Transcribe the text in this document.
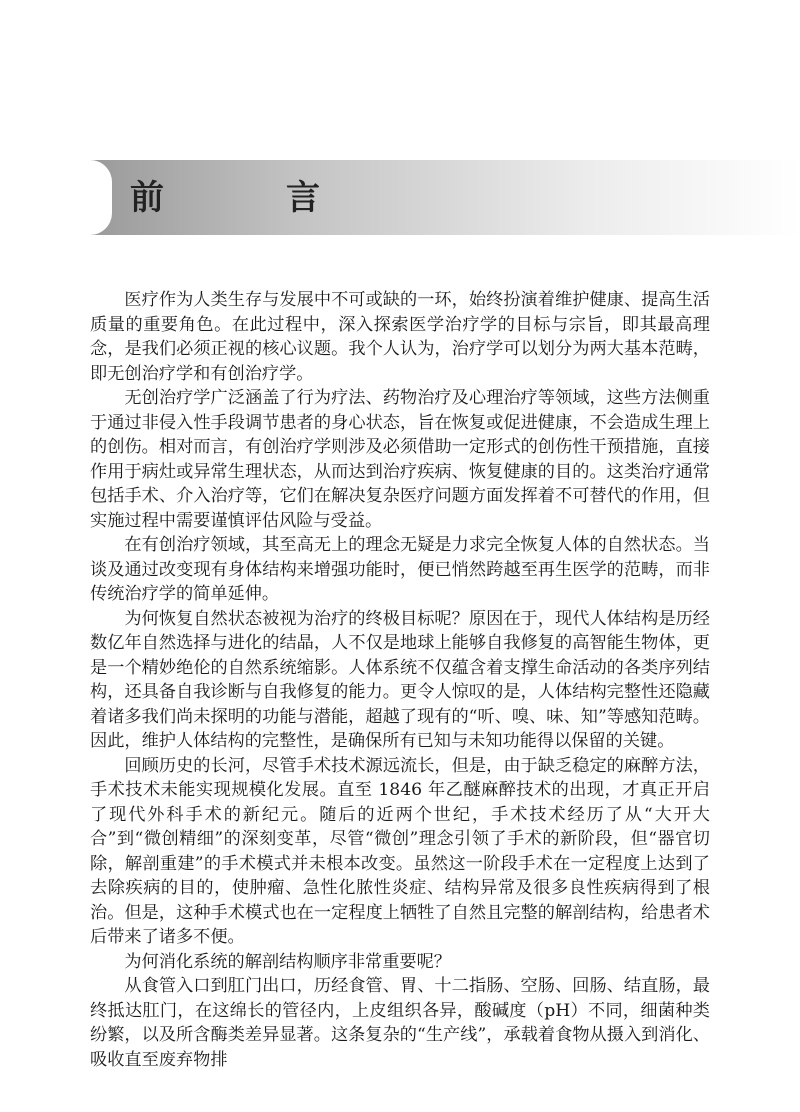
前　言

医疗作为人类生存与发展中不可或缺的一环，始终扮演着维护健康、提高生活质量的重要角色。在此过程中，深入探索医学治疗学的目标与宗旨，即其最高理念，是我们必须正视的核心议题。我个人认为，治疗学可以划分为两大基本范畴，即无创治疗学和有创治疗学。

无创治疗学广泛涵盖了行为疗法、药物治疗及心理治疗等领域，这些方法侧重于通过非侵入性手段调节患者的身心状态，旨在恢复或促进健康，不会造成生理上的创伤。相对而言，有创治疗学则涉及必须借助一定形式的创伤性干预措施，直接作用于病灶或异常生理状态，从而达到治疗疾病、恢复健康的目的。这类治疗通常包括手术、介入治疗等，它们在解决复杂医疗问题方面发挥着不可替代的作用，但实施过程中需要谨慎评估风险与受益。

在有创治疗领域，其至高无上的理念无疑是力求完全恢复人体的自然状态。当谈及通过改变现有身体结构来增强功能时，便已悄然跨越至再生医学的范畴，而非传统治疗学的简单延伸。

为何恢复自然状态被视为治疗的终极目标呢？原因在于，现代人体结构是历经数亿年自然选择与进化的结晶，人不仅是地球上能够自我修复的高智能生物体，更是一个精妙绝伦的自然系统缩影。人体系统不仅蕴含着支撑生命活动的各类序列结构，还具备自我诊断与自我修复的能力。更令人惊叹的是，人体结构完整性还隐藏着诸多我们尚未探明的功能与潜能，超越了现有的“听、嗅、味、知”等感知范畴。因此，维护人体结构的完整性，是确保所有已知与未知功能得以保留的关键。

回顾历史的长河，尽管手术技术源远流长，但是，由于缺乏稳定的麻醉方法，手术技术未能实现规模化发展。直至 1846 年乙醚麻醉技术的出现，才真正开启了现代外科手术的新纪元。随后的近两个世纪，手术技术经历了从“大开大合”到“微创精细”的深刻变革，尽管“微创”理念引领了手术的新阶段，但“器官切除，解剖重建”的手术模式并未根本改变。虽然这一阶段手术在一定程度上达到了去除疾病的目的，使肿瘤、急性化脓性炎症、结构异常及很多良性疾病得到了根治。但是，这种手术模式也在一定程度上牺牲了自然且完整的解剖结构，给患者术后带来了诸多不便。

为何消化系统的解剖结构顺序非常重要呢？

从食管入口到肛门出口，历经食管、胃、十二指肠、空肠、回肠、结直肠，最终抵达肛门，在这绵长的管径内，上皮组织各异，酸碱度（pH）不同，细菌种类纷繁，以及所含酶类差异显著。这条复杂的“生产线”，承载着食物从摄入到消化、吸收直至废弃物排
